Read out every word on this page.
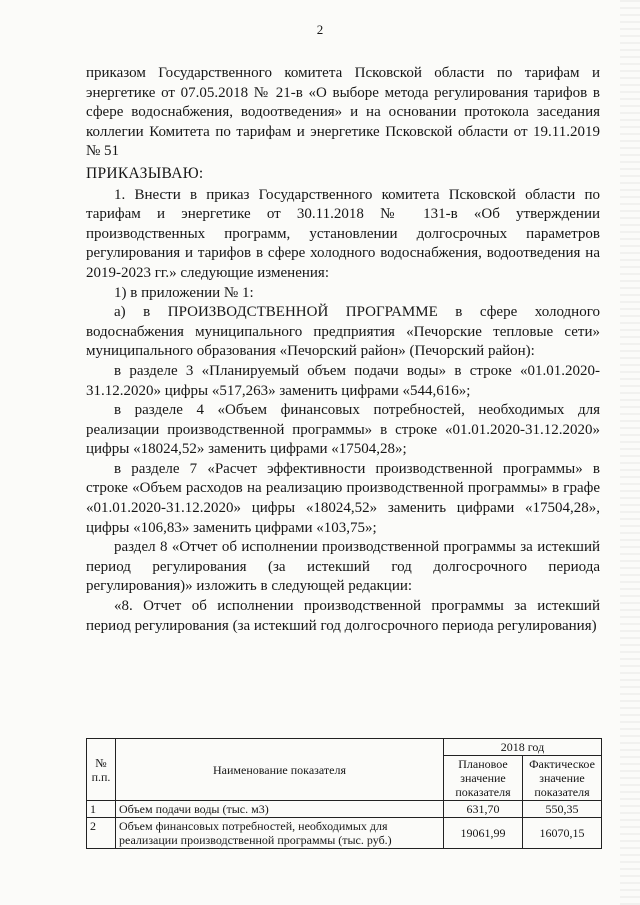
2

приказом Государственного комитета Псковской области по тарифам и энергетике от 07.05.2018 № 21-в «О выборе метода регулирования тарифов в сфере водоснабжения, водоотведения» и на основании протокола заседания коллегии Комитета по тарифам и энергетике Псковской области от 19.11.2019 № 51

ПРИКАЗЫВАЮ:

1. Внести в приказ Государственного комитета Псковской области по тарифам и энергетике от 30.11.2018 № 131-в «Об утверждении производственных программ, установлении долгосрочных параметров регулирования и тарифов в сфере холодного водоснабжения, водоотведения на 2019-2023 гг.» следующие изменения:

1) в приложении № 1:

а) в ПРОИЗВОДСТВЕННОЙ ПРОГРАММЕ в сфере холодного водоснабжения муниципального предприятия «Печорские тепловые сети» муниципального образования «Печорский район» (Печорский район):

в разделе 3 «Планируемый объем подачи воды» в строке «01.01.2020-31.12.2020» цифры «517,263» заменить цифрами «544,616»;

в разделе 4 «Объем финансовых потребностей, необходимых для реализации производственной программы» в строке «01.01.2020-31.12.2020» цифры «18024,52» заменить цифрами «17504,28»;

в разделе 7 «Расчет эффективности производственной программы» в строке «Объем расходов на реализацию производственной программы» в графе «01.01.2020-31.12.2020» цифры «18024,52» заменить цифрами «17504,28», цифры «106,83» заменить цифрами «103,75»;

раздел 8 «Отчет об исполнении производственной программы за истекший период регулирования (за истекший год долгосрочного периода регулирования)» изложить в следующей редакции:

«8. Отчет об исполнении производственной программы за истекший период регулирования (за истекший год долгосрочного периода регулирования)

№ п.п.	Наименование показателя	2018 год	
		Плановое значение показателя	Фактическое значение показателя
1	Объем подачи воды (тыс. м3)	631,70	550,35
2	Объем финансовых потребностей, необходимых для реализации производственной программы (тыс. руб.)	19061,99	16070,15
